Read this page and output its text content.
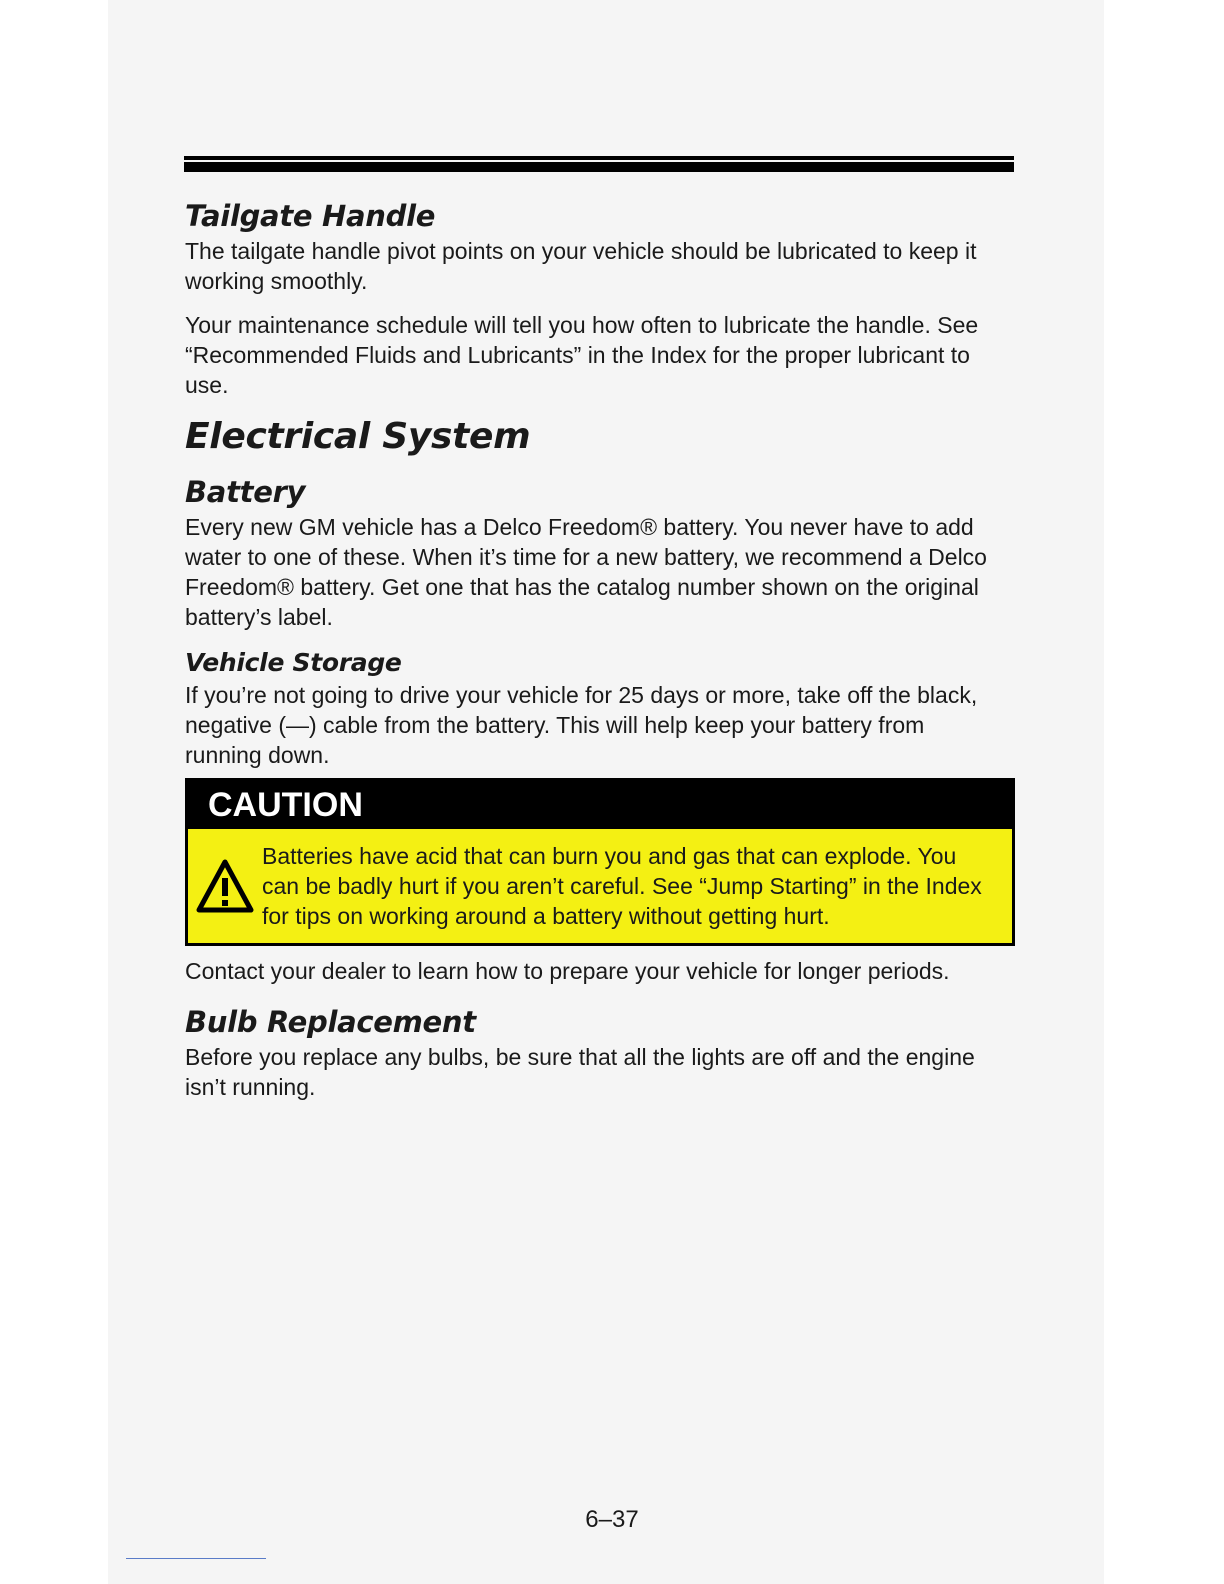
Tailgate Handle

The tailgate handle pivot points on your vehicle should be lubricated to keep it working smoothly.

Your maintenance schedule will tell you how often to lubricate the handle. See “Recommended Fluids and Lubricants” in the Index for the proper lubricant to use.

Electrical System
Battery

Every new GM vehicle has a Delco Freedom® battery. You never have to add water to one of these. When it’s time for a new battery, we recommend a Delco Freedom® battery. Get one that has the catalog number shown on the original battery’s label.

Vehicle Storage

If you’re not going to drive your vehicle for 25 days or more, take off the black, negative (—) cable from the battery. This will help keep your battery from running down.

CAUTION
Batteries have acid that can burn you and gas that can explode. You can be badly hurt if you aren’t careful. See “Jump Starting” in the Index for tips on working around a battery without getting hurt.

Contact your dealer to learn how to prepare your vehicle for longer periods.

Bulb Replacement

Before you replace any bulbs, be sure that all the lights are off and the engine isn’t running.

6–37
